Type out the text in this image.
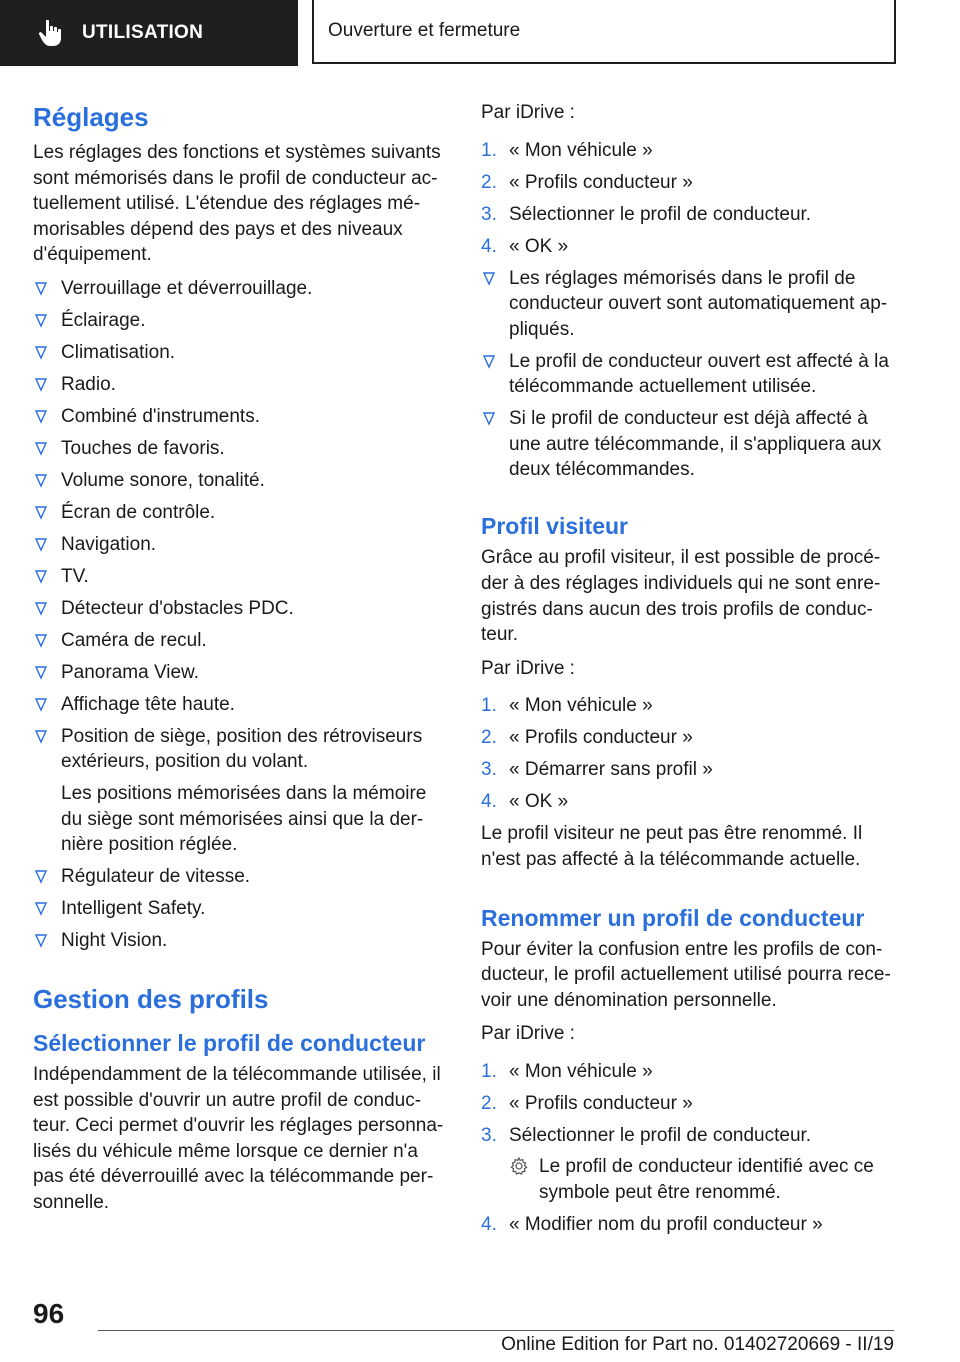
UTILISATION	Ouverture et fermeture
Réglages

Les réglages des fonctions et systèmes suivants sont mémorisés dans le profil de conducteur actuellement utilisé. L'étendue des réglages mémorisables dépend des pays et des niveaux d'équipement.

Verrouillage et déverrouillage.
Éclairage.
Climatisation.
Radio.
Combiné d'instruments.
Touches de favoris.
Volume sonore, tonalité.
Écran de contrôle.
Navigation.
TV.
Détecteur d'obstacles PDC.
Caméra de recul.
Panorama View.
Affichage tête haute.
Position de siège, position des rétroviseurs extérieurs, position du volant.
Les positions mémorisées dans la mémoire du siège sont mémorisées ainsi que la dernière position réglée.
Régulateur de vitesse.
Intelligent Safety.
Night Vision.
Gestion des profils
Sélectionner le profil de conducteur

Indépendamment de la télécommande utilisée, il est possible d'ouvrir un autre profil de conducteur. Ceci permet d'ouvrir les réglages personnalisés du véhicule même lorsque ce dernier n'a pas été déverrouillé avec la télécommande personnelle.

Par iDrive :

1. « Mon véhicule »
2. « Profils conducteur »
3. Sélectionner le profil de conducteur.
4. « OK »
Les réglages mémorisés dans le profil de conducteur ouvert sont automatiquement appliqués.
Le profil de conducteur ouvert est affecté à la télécommande actuellement utilisée.
Si le profil de conducteur est déjà affecté à une autre télécommande, il s'appliquera aux deux télécommandes.
Profil visiteur

Grâce au profil visiteur, il est possible de procéder à des réglages individuels qui ne sont enregistrés dans aucun des trois profils de conducteur.

Par iDrive :

1. « Mon véhicule »
2. « Profils conducteur »
3. « Démarrer sans profil »
4. « OK »

Le profil visiteur ne peut pas être renommé. Il n'est pas affecté à la télécommande actuelle.

Renommer un profil de conducteur

Pour éviter la confusion entre les profils de conducteur, le profil actuellement utilisé pourra recevoir une dénomination personnelle.

Par iDrive :

1. « Mon véhicule »
2. « Profils conducteur »
3. Sélectionner le profil de conducteur.
Le profil de conducteur identifié avec ce symbole peut être renommé.
4. « Modifier nom du profil conducteur »
96
Online Edition for Part no. 01402720669 - II/19
